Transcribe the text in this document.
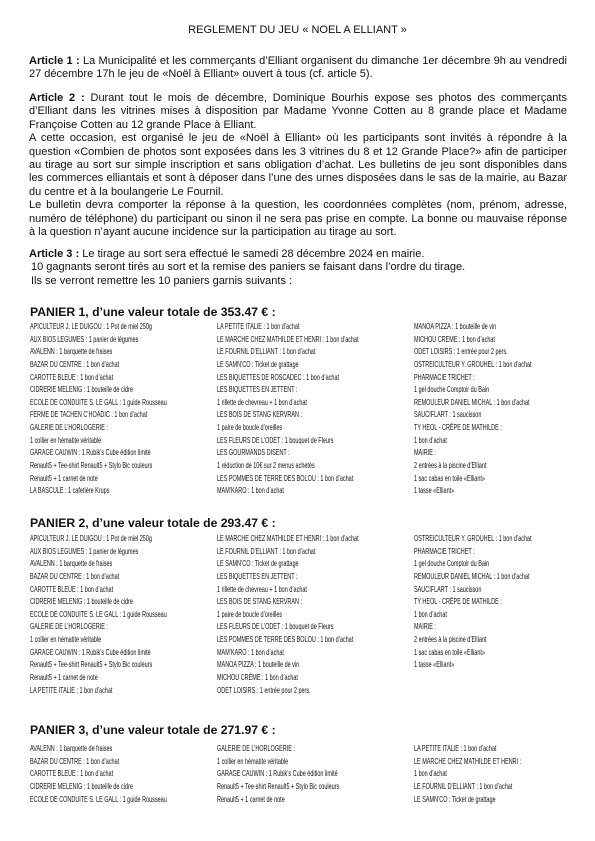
REGLEMENT DU JEU « NOEL A ELLIANT »

Article 1 : La Municipalité et les commerçants d’Elliant organisent du dimanche 1er décembre 9h au vendredi 27 décembre 17h le jeu de «Noël à Elliant» ouvert à tous (cf. article 5).

Article 2 : Durant tout le mois de décembre, Dominique Bourhis expose ses photos des commerçants d’Elliant dans les vitrines mises à disposition par Madame Yvonne Cotten au 8 grande place et Madame Françoise Cotten au 12 grande Place à Elliant.

A cette occasion, est organisé le jeu de «Noël à Elliant» où les participants sont invités à répondre à la question «Combien de photos sont exposées dans les 3 vitrines du 8 et 12 Grande Place?» afin de participer au tirage au sort sur simple inscription et sans obligation d’achat. Les bulletins de jeu sont disponibles dans les commerces elliantais et sont à déposer dans l’une des urnes disposées dans le sas de la mairie, au Bazar du centre et à la boulangerie Le Fournil.

Le bulletin devra comporter la réponse à la question, les coordonnées complètes (nom, prénom, adresse, numéro de téléphone) du participant ou sinon il ne sera pas prise en compte. La bonne ou mauvaise réponse à la question n’ayant aucune incidence sur la participation au tirage au sort.

Article 3 : Le tirage au sort sera effectué le samedi 28 décembre 2024 en mairie.

10 gagnants seront tirés au sort et la remise des paniers se faisant dans l’ordre du tirage.

Ils se verront remettre les 10 paniers garnis suivants :

PANIER 1, d’une valeur totale de 353.47 € :
APICULTEUR J. LE DUIGOU : 1 Pot de miel 250g
AUX BIOS LEGUMES : 1 panier de légumes
AVALENN : 1 barquette de fraises
BAZAR DU CENTRE : 1 bon d’achat
CAROTTE BLEUE : 1 bon d’achat
CIDRERIE MELENIG : 1 bouteille de cidre
ECOLE DE CONDUITE S. LE GALL : 1 guide Rousseau
FERME DE TACHEN C’HOADIC : 1 bon d’achat
GALERIE DE L’HORLOGERIE :
1 collier en hématite véritable
GARAGE CAUWIN : 1 Rubik’s Cube édition limité
Renault5 + Tee-shirt Renault5 + Stylo Bic couleurs
Renault5 + 1 carnet de note
LA BASCULE : 1 cafetière Krups
LA PETITE ITALIE : 1 bon d’achat
LE MARCHE CHEZ MATHILDE ET HENRI : 1 bon d’achat
LE FOURNIL D’ELLIANT : 1 bon d’achat
LE SAMN’CO : Ticket de grattage
LES BIQUETTES DE ROSCADEC : 1 bon d’achat
LES BIQUETTES EN JETTENT :
1 rillette de chevreau + 1 bon d’achat
LES BOIS DE STANG KERVRAN :
1 paire de boucle d’oreilles
LES FLEURS DE L’ODET : 1 bouquet de Fleurs
LES GOURMANDS DISENT :
1 réduction de 10€ sur 2 menus achetés
LES POMMES DE TERRE DES BOLOU : 1 bon d’achat
MAM’KARO : 1 bon d’achat
MANOA PIZZA : 1 bouteille de vin
MICHOU CREME : 1 bon d’achat
ODET LOISIRS : 1 entrée pour 2 pers.
OSTREICULTEUR Y. GROUHEL : 1 bon d’achat
PHARMACIE TRICHET :
1 gel douche Comptoir du Bain
REMOULEUR DANIEL MICHAL : 1 bon d’achat
SAUCIFLART : 1 saucisson
TY HEOL - CRÊPE DE MATHILDE :
1 bon d’achat
MAIRIE :
2 entrées à la piscine d’Elliant
1 sac cabas en toile «Elliant»
1 tasse «Elliant»
PANIER 2, d’une valeur totale de 293.47 € :
APICULTEUR J. LE DUIGOU : 1 Pot de miel 250g
AUX BIOS LEGUMES : 1 panier de légumes
AVALENN : 1 barquette de fraises
BAZAR DU CENTRE : 1 bon d’achat
CAROTTE BLEUE : 1 bon d’achat
CIDRERIE MELENIG : 1 bouteille de cidre
ECOLE DE CONDUITE S. LE GALL : 1 guide Rousseau
GALERIE DE L’HORLOGERIE :
1 collier en hématite véritable
GARAGE CAUWIN : 1 Rubik’s Cube édition limité
Renault5 + Tee-shirt Renault5 + Stylo Bic couleurs
Renault5 + 1 carnet de note
LA PETITE ITALIE : 1 bon d’achat
LE MARCHE CHEZ MATHILDE ET HENRI : 1 bon d’achat
LE FOURNIL D’ELLIANT : 1 bon d’achat
LE SAMN’CO : Ticket de grattage
LES BIQUETTES EN JETTENT :
1 rillette de chevreau + 1 bon d’achat
LES BOIS DE STANG KERVRAN :
1 paire de boucle d’oreilles
LES FLEURS DE L’ODET : 1 bouquet de Fleurs
LES POMMES DE TERRE DES BOLOU : 1 bon d’achat
MAM’KARO : 1 bon d’achat
MANOA PIZZA : 1 bouteille de vin
MICHOU CRÈME : 1 bon d’achat
ODET LOISIRS : 1 entrée pour 2 pers.
OSTREICULTEUR Y. GROUHEL : 1 bon d’achat
PHARMACIE TRICHET :
1 gel douche Comptoir du Bain
REMOULEUR DANIEL MICHAL : 1 bon d’achat
SAUCIFLART : 1 saucisson
TY HEOL - CRÊPE DE MATHILDE :
1 bon d’achat
MAIRIE :
2 entrées à la piscine d’Elliant
1 sac cabas en toile «Elliant»
1 tasse «Elliant»
PANIER 3, d’une valeur totale de 271.97 € :
AVALENN : 1 barquette de fraises
BAZAR DU CENTRE : 1 bon d’achat
CAROTTE BLEUE : 1 bon d’achat
CIDRERIE MELENIG : 1 bouteille de cidre
ECOLE DE CONDUITE S. LE GALL : 1 guide Rousseau
GALERIE DE L’HORLOGERIE :
1 collier en hématite véritable
GARAGE CAUWIN : 1 Rubik’s Cube édition limité
Renault5 + Tee-shirt Renault5 + Stylo Bic couleurs
Renault5 + 1 carnet de note
LA PETITE ITALIE : 1 bon d’achat
LE MARCHE CHEZ MATHILDE ET HENRI :
1 bon d’achat
LE FOURNIL D’ELLIANT : 1 bon d’achat
LE SAMN’CO : Ticket de grattage
